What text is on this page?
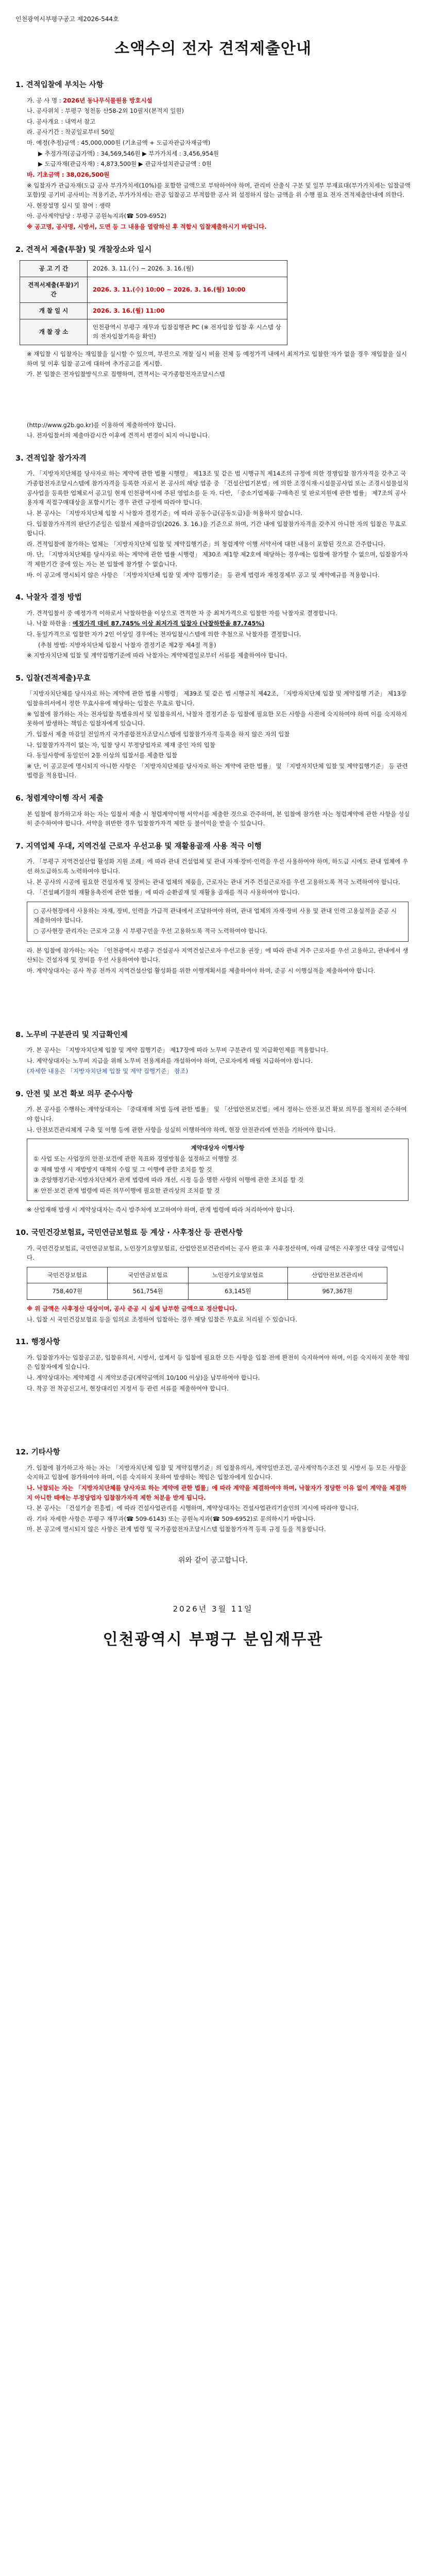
인천광역시부평구공고 제2026-544호
소액수의 전자 견적제출안내
1. 견적입찰에 부치는 사항

가. 공 사 명 : 2026년 동나무식물원용 방호시설

나. 공사위치 : 부평구 청천동 산58-2외 10필지(본적지 일원)

다. 공사개요 : 내역서 참고

라. 공사기간 : 착공일로부터 50일

마. 예정(추정)금액 : 45,000,000원 (기초금액 + 도급자관급자재금액)

▶ 추정가격(공급가액) : 34,569,546원 ▶ 부가가치세 : 3,456,954원

▶ 도급자재(관급자재) : 4,873,500원 ▶ 관급자설치관급금액 : 0원

바. 기초금액 : 38,026,500원

※ 입찰자가 관급자재(도급 공사 부가가치세(10%)를 포함한 금액으로 부탁하여야 하며, 관리비 산출식 구분 및 일부 부재료대(부가가치세는 입찰금액 포함)및 공기비 공사비는 적용기준, 부가가치세는 관공 입찰공고 부적합한 공사 외 설정하지 않는 금액을 위 수행 필요 전자 견적제출안내에 의한다.

사. 현장설명 실시 및 참여 : 생략

아. 공사계약담당 : 부평구 공원녹지과(☎ 509-6952)

※ 공고명, 공사명, 시방서, 도면 등 그 내용을 열람하신 후 적합시 입찰제출하시기 바랍니다.

2. 견적서 제출(투찰) 및 개찰장소와 일시
공 고 기 간	2026. 3. 11.(수) ~ 2026. 3. 16.(월)
견적서제출(투찰)기간	2026. 3. 11.(수) 10:00 ~ 2026. 3. 16.(월) 10:00
개 찰 일 시	2026. 3. 16.(월) 11:00
개 찰 장 소	인천광역시 부평구 재무과 입찰집행관 PC (※ 전자입찰 입찰 후 시스템 상의 전자입찰기록을 확인)

※ 재입찰 시 입찰자는 재입찰을 실시할 수 있으며, 부진으로 개찰 실시 비율 전체 등 예정가격 내에서 최저가로 입찰한 자가 없을 경우 재입찰을 실시하며 및 이후 입찰 공고에 대하여 추가공고를 게시함.

가. 본 입찰은 전자입찰방식으로 집행하며, 견적서는 국가종합전자조달시스템

(http://www.g2b.go.kr)를 이용하여 제출하여야 합니다.

나. 전자입찰서의 제출마감시간 이후에 견적서 변경이 되지 아니합니다.

3. 견적입찰 참가자격

가. 「지방자치단체를 당사자로 하는 계약에 관한 법률 시행령」 제13조 및 같은 법 시행규칙 제14조의 규정에 의한 경쟁입찰 참가자격을 갖추고 국가종합전자조달시스템에 참가자격을 등록한 자로서 본 공사의 해당 업종 중 「건설산업기본법」에 의한 조경식재·시설물공사업 또는 조경시설물설치공사업을 등록한 업체로서 공고일 현재 인천광역시에 주된 영업소를 둔 자. 다만, 「중소기업제품 구매촉진 및 판로지원에 관한 법률」 제7조의 공사용자재 직접구매대상을 포함시키는 경우 관련 규정에 따라야 합니다.

나. 본 공사는 「지방자치단체 입찰 시 낙찰자 결정기준」에 따라 공동수급(공동도급)을 허용하지 않습니다.

다. 입찰참가자격의 판단기준일은 입찰서 제출마감일(2026. 3. 16.)을 기준으로 하며, 기간 내에 입찰참가자격을 갖추지 아니한 자의 입찰은 무효로 합니다.

라. 견적입찰에 참가하는 업체는 「지방자치단체 입찰 및 계약집행기준」의 청렴계약 이행 서약서에 대한 내용이 포함된 것으로 간주합니다.

마. 단, 「지방자치단체를 당사자로 하는 계약에 관한 법률 시행령」 제30조 제1항 제2호에 해당하는 경우에는 입찰에 참가할 수 없으며, 입찰참가자격 제한기간 중에 있는 자는 본 입찰에 참가할 수 없습니다.

바. 이 공고에 명시되지 않은 사항은 「지방자치단체 입찰 및 계약 집행기준」 등 관계 법령과 재정경제부 공고 및 계약예규를 적용합니다.

4. 낙찰자 결정 방법

가. 견적입찰서 중 예정가격 이하로서 낙찰하한율 이상으로 견적한 자 중 최저가격으로 입찰한 자를 낙찰자로 결정합니다.

나. 낙찰 하한율 : 예정가격 대비 87.745% 이상 최저가격 입찰자 (낙찰하한율 87.745%)

다. 동일가격으로 입찰한 자가 2인 이상일 경우에는 전자입찰시스템에 의한 추첨으로 낙찰자를 결정합니다.

(추첨 방법: 지방자치단체 입찰시 낙찰자 결정기준 제2장 제4절 적용)

※ 지방자치단체 입찰 및 계약집행기준에 따라 낙찰자는 계약체결일로부터 서류를 제출하여야 합니다.

5. 입찰(견적제출)무효

「지방자치단체를 당사자로 하는 계약에 관한 법률 시행령」 제39조 및 같은 법 시행규칙 제42조, 「지방자치단체 입찰 및 계약집행 기준」 제13장 입찰유의서에서 정한 무효사유에 해당하는 입찰은 무효로 합니다.

※ 입찰에 참가하는 자는 전자입찰 특별유의서 및 입찰유의서, 낙찰자 결정기준 등 입찰에 필요한 모든 사항을 사전에 숙지하여야 하며 이를 숙지하지 못하여 발생하는 책임은 입찰자에게 있습니다.

가. 입찰서 제출 마감일 전일까지 국가종합전자조달시스템에 입찰참가자격 등록을 하지 않은 자의 입찰

나. 입찰참가자격이 없는 자, 입찰 당시 부정당업자로 제재 중인 자의 입찰

다. 동일사항에 동일인이 2통 이상의 입찰서를 제출한 입찰

※ 단, 이 공고문에 명시되지 아니한 사항은 「지방자치단체를 당사자로 하는 계약에 관한 법률」 및 「지방자치단체 입찰 및 계약집행기준」 등 관련 법령을 적용합니다.

6. 청렴계약이행 작서 제출

본 입찰에 참가하고자 하는 자는 입찰서 제출 시 청렴계약이행 서약서를 제출한 것으로 간주하며, 본 입찰에 참가한 자는 청렴계약에 관한 사항을 성실히 준수하여야 합니다. 서약을 위반한 경우 입찰참가자격 제한 등 불이익을 받을 수 있습니다.

7. 지역업체 우대, 지역건설 근로자 우선고용 및 재활용골재 사용 적극 이행

가. 「부평구 지역건설산업 활성화 지원 조례」에 따라 관내 건설업체 및 관내 자재·장비·인력을 우선 사용하여야 하며, 하도급 시에도 관내 업체에 우선 하도급하도록 노력하여야 합니다.

나. 본 공사의 시공에 필요한 건설자재 및 장비는 관내 업체의 제품을, 근로자는 관내 거주 건설근로자를 우선 고용하도록 적극 노력하여야 합니다.

다. 「건설폐기물의 재활용촉진에 관한 법률」에 따라 순환골재 및 재활용 골재를 적극 사용하여야 합니다.

○ 공사현장에서 사용하는 자재, 장비, 인력을 가급적 관내에서 조달하여야 하며, 관내 업체의 자재·장비 사용 및 관내 인력 고용실적을 준공 시 제출하여야 합니다.

○ 공사현장 관리자는 근로자 고용 시 부평구민을 우선 고용하도록 적극 노력하여야 합니다.

라. 본 입찰에 참가하는 자는 「인천광역시 부평구 건설공사 지역건설근로자 우선고용 권장」에 따라 관내 거주 근로자를 우선 고용하고, 관내에서 생산되는 건설자재 및 장비를 우선 사용하여야 합니다.

마. 계약상대자는 공사 착공 전까지 지역건설산업 활성화를 위한 이행계획서를 제출하여야 하며, 준공 시 이행실적을 제출하여야 합니다.

8. 노무비 구분관리 및 지급확인제

가. 본 공사는 「지방자치단체 입찰 및 계약 집행기준」 제17장에 따라 노무비 구분관리 및 지급확인제를 적용합니다.

나. 계약상대자는 노무비 지급을 위해 노무비 전용계좌를 개설하여야 하며, 근로자에게 매월 지급하여야 합니다.

(자세한 내용은 「지방자치단체 입찰 및 계약 집행기준」 참조)

9. 안전 및 보건 확보 의무 준수사항

가. 본 공사를 수행하는 계약상대자는 「중대재해 처벌 등에 관한 법률」 및 「산업안전보건법」에서 정하는 안전·보건 확보 의무를 철저히 준수하여야 합니다.

나. 안전보건관리체계 구축 및 이행 등에 관한 사항을 성실히 이행하여야 하며, 현장 안전관리에 만전을 기하여야 합니다.

계약대상자 이행사항

① 사업 또는 사업장의 안전·보건에 관한 목표와 경영방침을 설정하고 이행할 것

② 재해 발생 시 재발방지 대책의 수립 및 그 이행에 관한 조치를 할 것

③ 중앙행정기관·지방자치단체가 관계 법령에 따라 개선, 시정 등을 명한 사항의 이행에 관한 조치를 할 것

④ 안전·보건 관계 법령에 따른 의무이행에 필요한 관리상의 조치를 할 것

※ 산업재해 발생 시 계약상대자는 즉시 발주처에 보고하여야 하며, 관계 법령에 따라 처리하여야 합니다.

10. 국민건강보험료, 국민연금보험료 등 계상 · 사후정산 등 관련사항

가. 국민건강보험료, 국민연금보험료, 노인장기요양보험료, 산업안전보건관리비는 공사 완료 후 사후정산하며, 아래 금액은 사후정산 대상 금액입니다.

국민건강보험료	국민연금보험료	노인장기요양보험료	산업안전보건관리비
758,407원	561,754원	63,145원	967,367원

※ 위 금액은 사후정산 대상이며, 공사 준공 시 실제 납부한 금액으로 정산합니다.

나. 입찰 시 국민건강보험료 등을 임의로 조정하여 입찰하는 경우 해당 입찰은 무효로 처리될 수 있습니다.

11. 행정사항

가. 입찰참가자는 입찰공고문, 입찰유의서, 시방서, 설계서 등 입찰에 필요한 모든 사항을 입찰 전에 완전히 숙지하여야 하며, 이를 숙지하지 못한 책임은 입찰자에게 있습니다.

나. 계약상대자는 계약체결 시 계약보증금(계약금액의 10/100 이상)을 납부하여야 합니다.

다. 착공 전 착공신고서, 현장대리인 지정서 등 관련 서류를 제출하여야 합니다.

12. 기타사항

가. 입찰에 참가하고자 하는 자는 「지방자치단체 입찰 및 계약집행기준」의 입찰유의서, 계약일반조건, 공사계약특수조건 및 시방서 등 모든 사항을 숙지하고 입찰에 참가하여야 하며, 이를 숙지하지 못하여 발생하는 책임은 입찰자에게 있습니다.

나. 낙찰되는 자는 「지방자치단체를 당사자로 하는 계약에 관한 법률」에 따라 계약을 체결하여야 하며, 낙찰자가 정당한 이유 없이 계약을 체결하지 아니한 때에는 부정당업자 입찰참가자격 제한 처분을 받게 됩니다.

다. 본 공사는 「건설기술 진흥법」에 따라 건설사업관리를 시행하며, 계약상대자는 건설사업관리기술인의 지시에 따라야 합니다.

라. 기타 자세한 사항은 부평구 재무과(☎ 509-6143) 또는 공원녹지과(☎ 509-6952)로 문의하시기 바랍니다.

마. 본 공고에 명시되지 않은 사항은 관계 법령 및 국가종합전자조달시스템 입찰참가자격 등록 규정 등을 적용합니다.

위와 같이 공고합니다.
2026년 3월 11일
인천광역시 부평구 분임재무관
